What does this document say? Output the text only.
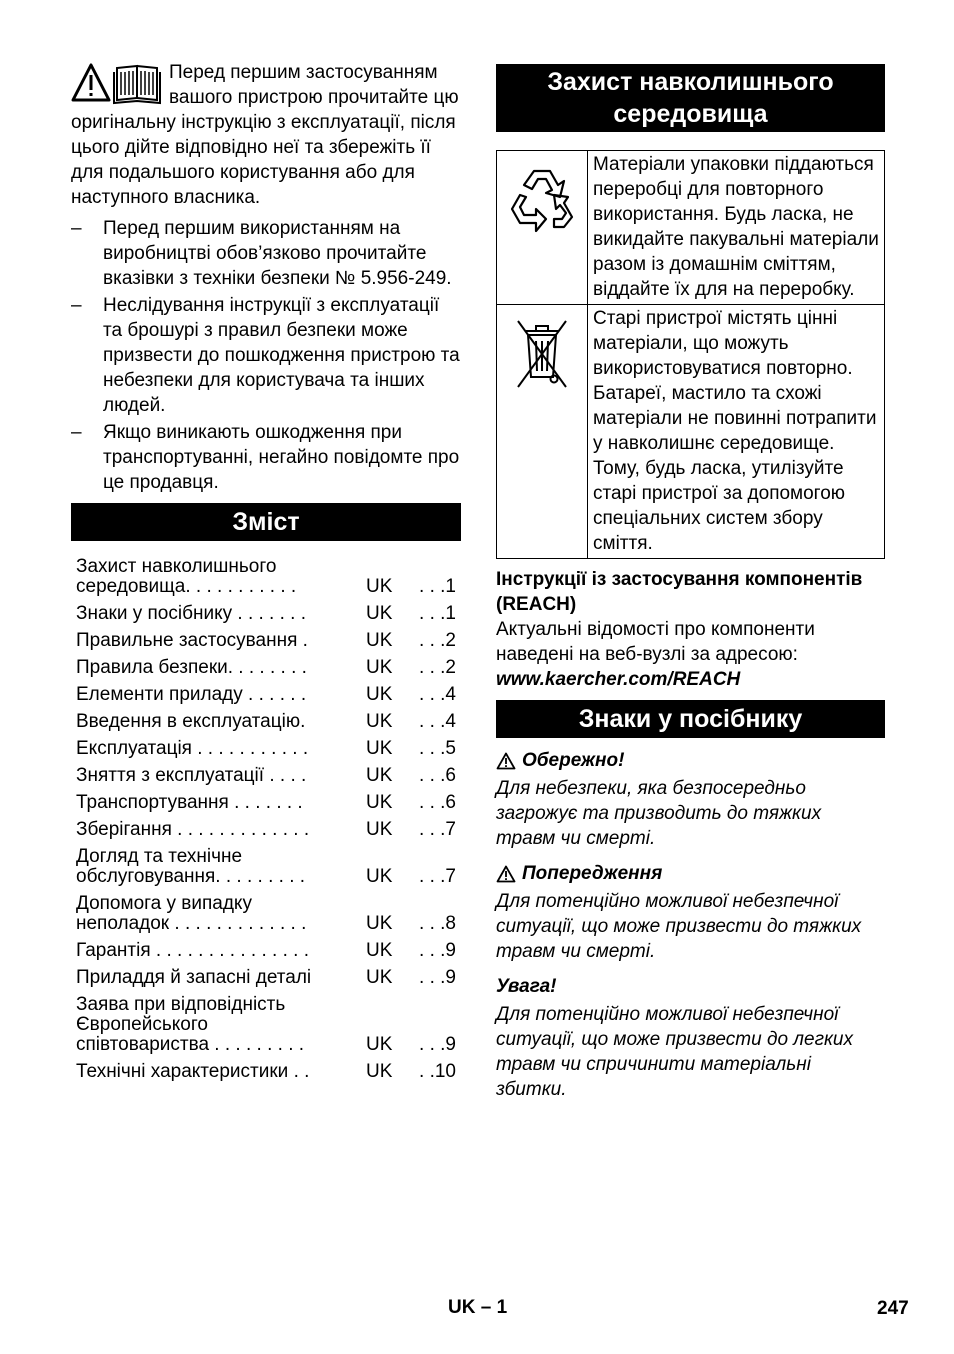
Перед першим застосуванням вашого пристрою прочитайте цю оригінальну інструкцію з експлуатації, після цього дійте відповідно неї та збережіть її для подальшого користування або для наступного власника.

– Перед першим використанням на виробництві обов’язково прочитайте вказівки з техніки безпеки № 5.956-249.
– Неслідування інструкції з експлуатації та брошурі з правил безпеки може призвести до пошкодження пристрою та небезпеки для користувача та інших людей.
– Якщо виникають ошкодження при транспортуванні, негайно повідомте про це продавця.
Зміст
Захист навколишнього
середовища. . . . . . . . . . .	UK	. . .1
Знаки у посібнику . . . . . . .	UK	. . .1
Правильне застосування .	UK	. . .2
Правила безпеки. . . . . . . .	UK	. . .2
Елементи приладу . . . . . .	UK	. . .4
Введення в експлуатацію.	UK	. . .4
Експлуатація . . . . . . . . . . .	UK	. . .5
Зняття з експлуатації . . . .	UK	. . .6
Транспортування . . . . . . .	UK	. . .6
Зберігання . . . . . . . . . . . . .	UK	. . .7
Догляд та технічне
обслуговування. . . . . . . . .	UK	. . .7
Допомога у випадку
неполадок . . . . . . . . . . . . .	UK	. . .8
Гарантія . . . . . . . . . . . . . . .	UK	. . .9
Приладдя й запасні деталі	UK	. . .9
Заява при відповідність
Європейського
співтовариства . . . . . . . . .	UK	. . .9
Технічні характеристики . .	UK	. .10
Захист навколишнього середовища
	Матеріали упаковки піддаються переробці для повторного використання. Будь ласка, не викидайте пакувальні матеріали разом із домашнім сміттям, віддайте їх для на переробку.
	Старі пристрої містять цінні матеріали, що можуть використовуватися повторно. Батареї, мастило та схожі матеріали не повинні потрапити у навколишнє середовище. Тому, будь ласка, утилізуйте старі пристрої за допомогою спеціальних систем збору сміття.

Інструкції із застосування компонентів (REACH)

Актуальні відомості про компоненти наведені на веб-вузлі за адресою:

www.kaercher.com/REACH

Знаки у посібнику
Обережно!

Для небезпеки, яка безпосередньо загрожує та призводить до тяжких травм чи смерті.

Попередження

Для потенційно можливої небезпечної ситуації, що може призвести до тяжких травм чи смерті.

Увага!

Для потенційно можливої небезпечної ситуації, що може призвести до легких травм чи спричинити матеріальні збитки.

UK – 1	247
